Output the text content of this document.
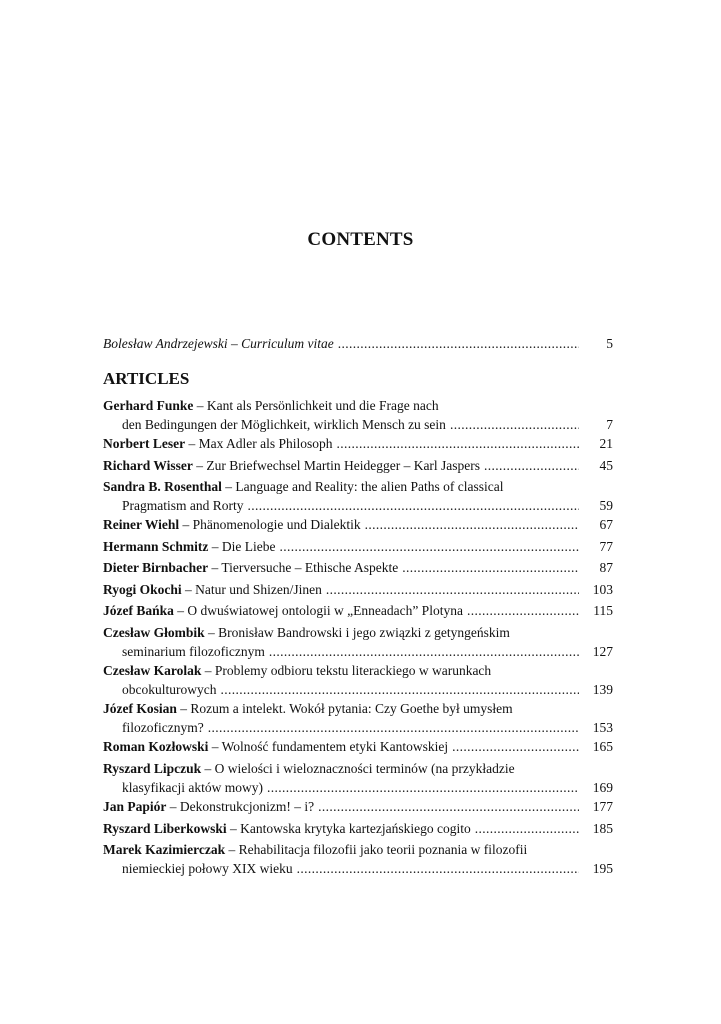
CONTENTS
Bolesław Andrzejewski – Curriculum vitae . . .	5
ARTICLES
Gerhard Funke – Kant als Persönlichkeit und die Frage nach
den Bedingungen der Möglichkeit, wirklich Mensch zu sein . . .	7
Norbert Leser – Max Adler als Philosoph . . .	21
Richard Wisser – Zur Briefwechsel Martin Heidegger – Karl Jaspers . . .	45
Sandra B. Rosenthal – Language and Reality: the alien Paths of classical
Pragmatism and Rorty . . .	59
Reiner Wiehl – Phänomenologie und Dialektik . . .	67
Hermann Schmitz – Die Liebe . . .	77
Dieter Birnbacher – Tierversuche – Ethische Aspekte . . .	87
Ryogi Okochi – Natur und Shizen/Jinen . . .	103
Józef Bańka – O dwuświatowej ontologii w „Enneadach” Plotyna . . .	115
Czesław Głombik – Bronisław Bandrowski i jego związki z getyngeńskim
seminarium filozoficznym . . .	127
Czesław Karolak – Problemy odbioru tekstu literackiego w warunkach
obcokulturowych . . .	139
Józef Kosian – Rozum a intelekt. Wokół pytania: Czy Goethe był umysłem
filozoficznym? . . .	153
Roman Kozłowski – Wolność fundamentem etyki Kantowskiej . . .	165
Ryszard Lipczuk – O wielości i wieloznaczności terminów (na przykładzie
klasyfikacji aktów mowy) . . .	169
Jan Papiór – Dekonstrukcjonizm! – i? . . .	177
Ryszard Liberkowski – Kantowska krytyka kartezjańskiego cogito . . .	185
Marek Kazimierczak – Rehabilitacja filozofii jako teorii poznania w filozofii
niemieckiej połowy XIX wieku . . .	195
